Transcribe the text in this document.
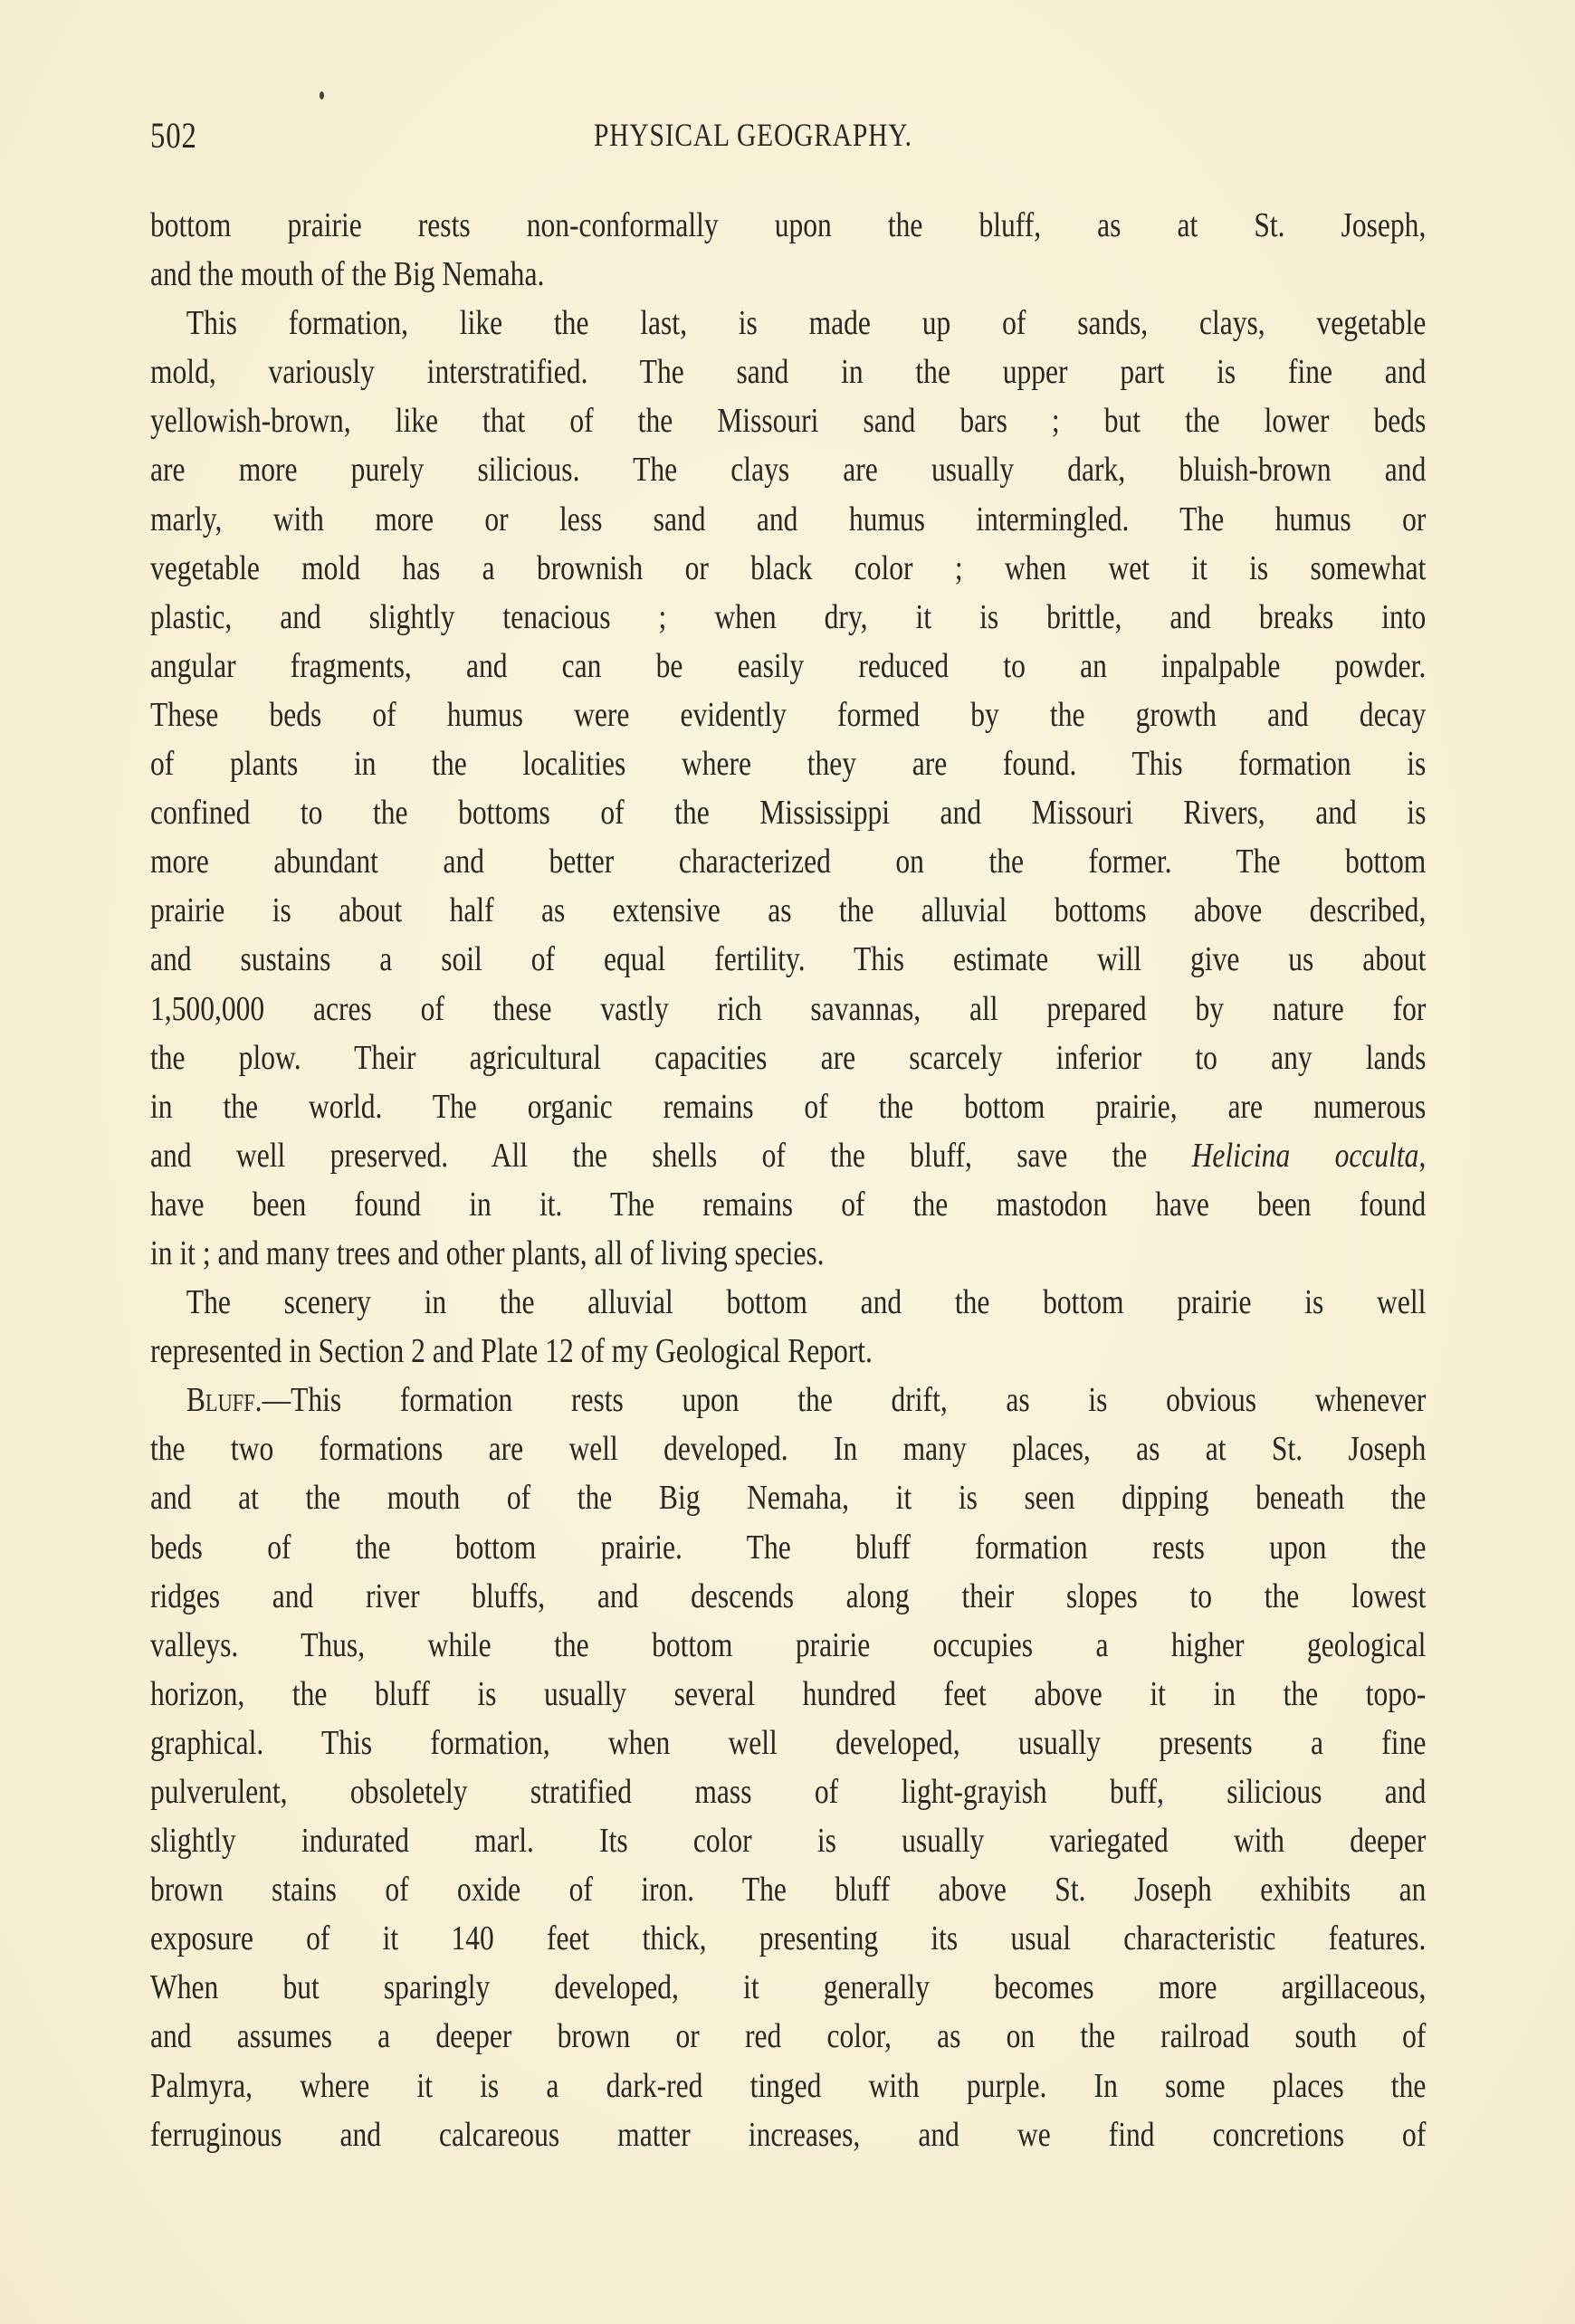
502	PHYSICAL GEOGRAPHY.
bottom prairie rests non-conformally upon the bluff, as at St. Joseph,
and the mouth of the Big Nemaha.
This formation, like the last, is made up of sands, clays, vegetable
mold, variously interstratified. The sand in the upper part is fine and
yellowish-brown, like that of the Missouri sand bars ; but the lower beds
are more purely silicious. The clays are usually dark, bluish-brown and
marly, with more or less sand and humus intermingled. The humus or
vegetable mold has a brownish or black color ; when wet it is somewhat
plastic, and slightly tenacious ; when dry, it is brittle, and breaks into
angular fragments, and can be easily reduced to an inpalpable powder.
These beds of humus were evidently formed by the growth and decay
of plants in the localities where they are found. This formation is
confined to the bottoms of the Mississippi and Missouri Rivers, and is
more abundant and better characterized on the former. The bottom
prairie is about half as extensive as the alluvial bottoms above described,
and sustains a soil of equal fertility. This estimate will give us about
1,500,000 acres of these vastly rich savannas, all prepared by nature for
the plow. Their agricultural capacities are scarcely inferior to any lands
in the world. The organic remains of the bottom prairie, are numerous
and well preserved. All the shells of the bluff, save the Helicina occulta,
have been found in it. The remains of the mastodon have been found
in it ; and many trees and other plants, all of living species.
The scenery in the alluvial bottom and the bottom prairie is well
represented in Section 2 and Plate 12 of my Geological Report.
Bluff.—This formation rests upon the drift, as is obvious whenever
the two formations are well developed. In many places, as at St. Joseph
and at the mouth of the Big Nemaha, it is seen dipping beneath the
beds of the bottom prairie. The bluff formation rests upon the
ridges and river bluffs, and descends along their slopes to the lowest
valleys. Thus, while the bottom prairie occupies a higher geological
horizon, the bluff is usually several hundred feet above it in the topo-
graphical. This formation, when well developed, usually presents a fine
pulverulent, obsoletely stratified mass of light-grayish buff, silicious and
slightly indurated marl. Its color is usually variegated with deeper
brown stains of oxide of iron. The bluff above St. Joseph exhibits an
exposure of it 140 feet thick, presenting its usual characteristic features.
When but sparingly developed, it generally becomes more argillaceous,
and assumes a deeper brown or red color, as on the railroad south of
Palmyra, where it is a dark-red tinged with purple. In some places the
ferruginous and calcareous matter increases, and we find concretions of
